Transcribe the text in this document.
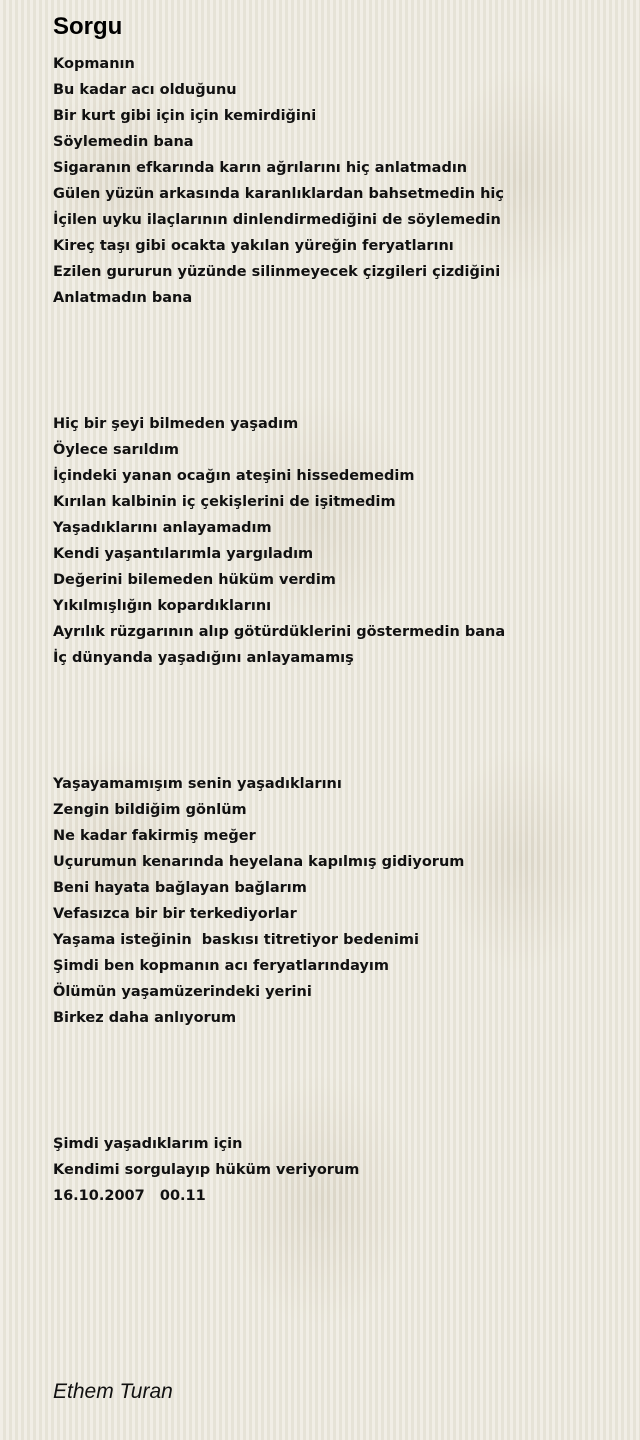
Sorgu
Kopmanın
Bu kadar acı olduğunu
Bir kurt gibi için için kemirdiğini
Söylemedin bana
Sigaranın efkarında karın ağrılarını hiç anlatmadın
Gülen yüzün arkasında karanlıklardan bahsetmedin hiç
İçilen uyku ilaçlarının dinlendirmediğini de söylemedin
Kireç taşı gibi ocakta yakılan yüreğin feryatlarını
Ezilen gururun yüzünde silinmeyecek çizgileri çizdiğini
Anlatmadın bana
Hiç bir şeyi bilmeden yaşadım
Öylece sarıldım
İçindeki yanan ocağın ateşini hissedemedim
Kırılan kalbinin iç çekişlerini de işitmedim
Yaşadıklarını anlayamadım
Kendi yaşantılarımla yargıladım
Değerini bilemeden hüküm verdim
Yıkılmışlığın kopardıklarını
Ayrılık rüzgarının alıp götürdüklerini göstermedin bana
İç dünyanda yaşadığını anlayamamış
Yaşayamamışım senin yaşadıklarını
Zengin bildiğim gönlüm
Ne kadar fakirmiş meğer
Uçurumun kenarında heyelana kapılmış gidiyorum
Beni hayata bağlayan bağlarım
Vefasızca bir bir terkediyorlar
Yaşama isteğinin  baskısı titretiyor bedenimi
Şimdi ben kopmanın acı feryatlarındayım
Ölümün yaşamüzerindeki yerini
Birkez daha anlıyorum
Şimdi yaşadıklarım için
Kendimi sorgulayıp hüküm veriyorum
16.10.2007   00.11

Ethem Turan
